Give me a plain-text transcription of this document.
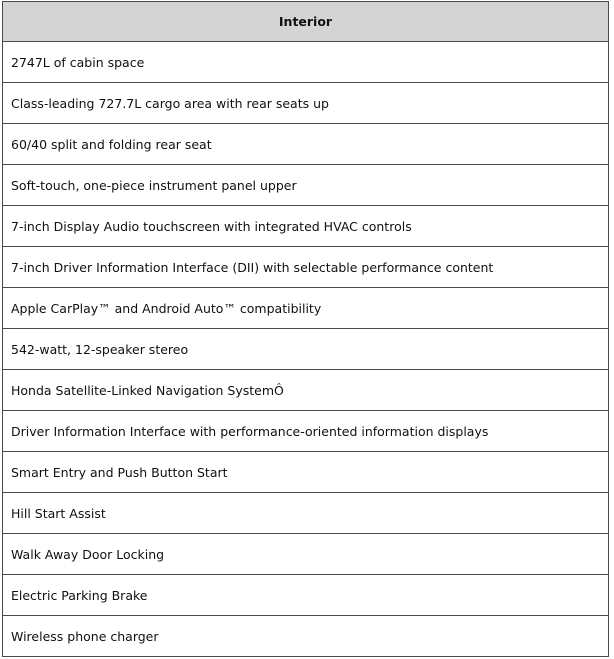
Interior
2747L of cabin space
Class-leading 727.7L cargo area with rear seats up
60/40 split and folding rear seat
Soft-touch, one-piece instrument panel upper
7-inch Display Audio touchscreen with integrated HVAC controls
7-inch Driver Information Interface (DII) with selectable performance content
Apple CarPlay™ and Android Auto™ compatibility
542-watt, 12-speaker stereo
Honda Satellite-Linked Navigation SystemÔ
Driver Information Interface with performance-oriented information displays
Smart Entry and Push Button Start
Hill Start Assist
Walk Away Door Locking
Electric Parking Brake
Wireless phone charger
